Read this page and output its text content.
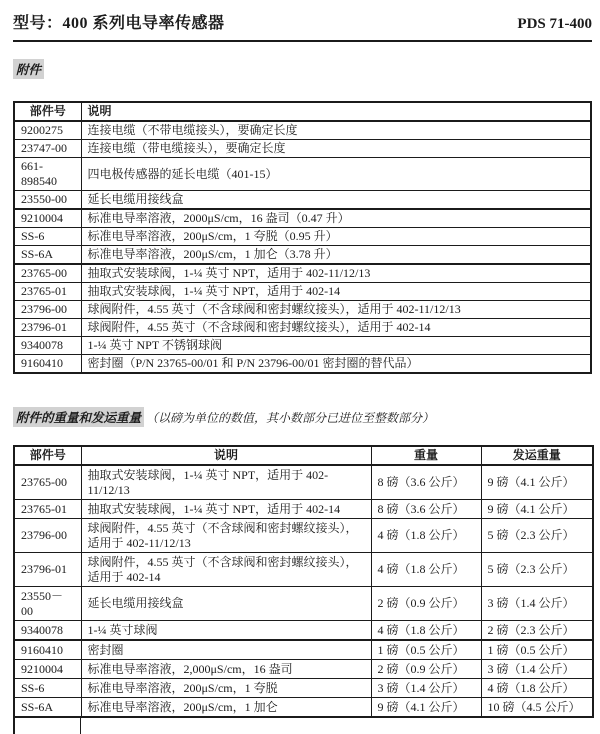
型号：400 系列电导率传感器	PDS 71-400
附件
部件号	说明
9200275	连接电缆（不带电缆接头），要确定长度
23747-00	连接电缆（带电缆接头），要确定长度
661-898540	四电极传感器的延长电缆（401-15）
23550-00	延长电缆用接线盒
9210004	标准电导率溶液，2000μS/cm，16 盎司（0.47 升）
SS-6	标准电导率溶液，200μS/cm，1 夸脱（0.95 升）
SS-6A	标准电导率溶液，200μS/cm，1 加仑（3.78 升）
23765-00	抽取式安装球阀，1-¼ 英寸 NPT，适用于 402-11/12/13
23765-01	抽取式安装球阀，1-¼ 英寸 NPT，适用于 402-14
23796-00	球阀附件，4.55 英寸（不含球阀和密封螺纹接头），适用于 402-11/12/13
23796-01	球阀附件，4.55 英寸（不含球阀和密封螺纹接头），适用于 402-14
9340078	1-¼ 英寸 NPT 不锈钢球阀
9160410	密封圈（P/N 23765-00/01 和 P/N 23796-00/01 密封圈的替代品）
附件的重量和发运重量 （以磅为单位的数值，其小数部分已进位至整数部分）
部件号	说明	重量	发运重量
23765-00	抽取式安装球阀，1-¼ 英寸 NPT，适用于 402-11/12/13	8 磅（3.6 公斤）	9 磅（4.1 公斤）
23765-01	抽取式安装球阀，1-¼ 英寸 NPT，适用于 402-14	8 磅（3.6 公斤）	9 磅（4.1 公斤）
23796-00	球阀附件，4.55 英寸（不含球阀和密封螺纹接头），适用于 402-11/12/13	4 磅（1.8 公斤）	5 磅（2.3 公斤）
23796-01	球阀附件，4.55 英寸（不含球阀和密封螺纹接头），适用于 402-14	4 磅（1.8 公斤）	5 磅（2.3 公斤）
23550－00	延长电缆用接线盒	2 磅（0.9 公斤）	3 磅（1.4 公斤）
9340078	1-¼ 英寸球阀	4 磅（1.8 公斤）	2 磅（2.3 公斤）
9160410	密封圈	1 磅（0.5 公斤）	1 磅（0.5 公斤）
9210004	标准电导率溶液，2,000μS/cm，16 盎司	2 磅（0.9 公斤）	3 磅（1.4 公斤）
SS-6	标准电导率溶液，200μS/cm，1 夸脱	3 磅（1.4 公斤）	4 磅（1.8 公斤）
SS-6A	标准电导率溶液，200μS/cm，1 加仑	9 磅（4.1 公斤）	10 磅（4.5 公斤）
